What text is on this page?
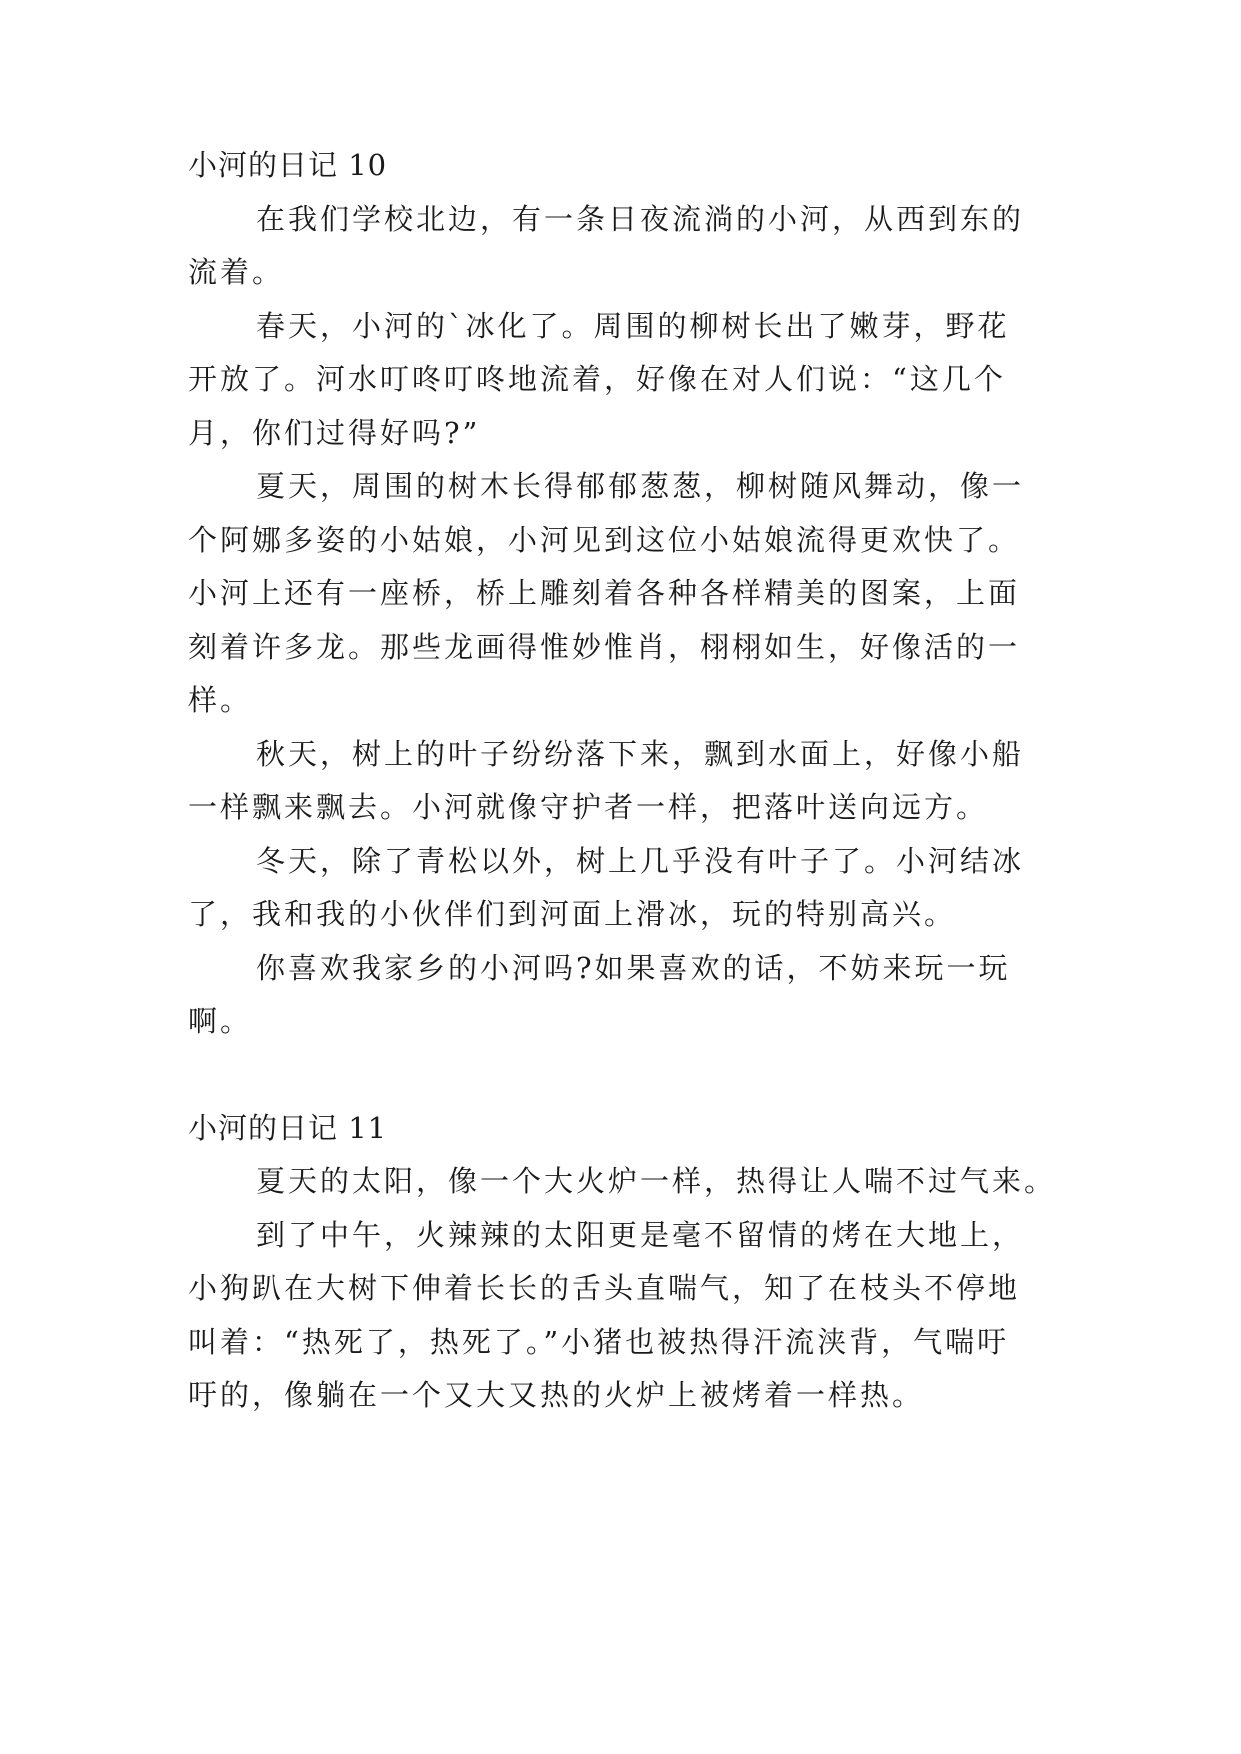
小河的日记 10

在我们学校北边，有一条日夜流淌的小河，从西到东的

流着。

春天，小河的`冰化了。周围的柳树长出了嫩芽，野花

开放了。河水叮咚叮咚地流着，好像在对人们说：“这几个

月，你们过得好吗?”

夏天，周围的树木长得郁郁葱葱，柳树随风舞动，像一

个阿娜多姿的小姑娘，小河见到这位小姑娘流得更欢快了。

小河上还有一座桥，桥上雕刻着各种各样精美的图案，上面

刻着许多龙。那些龙画得惟妙惟肖，栩栩如生，好像活的一

样。

秋天，树上的叶子纷纷落下来，飘到水面上，好像小船

一样飘来飘去。小河就像守护者一样，把落叶送向远方。

冬天，除了青松以外，树上几乎没有叶子了。小河结冰

了，我和我的小伙伴们到河面上滑冰，玩的特别高兴。

你喜欢我家乡的小河吗?如果喜欢的话，不妨来玩一玩

啊。

小河的日记 11

夏天的太阳，像一个大火炉一样，热得让人喘不过气来。

到了中午，火辣辣的太阳更是毫不留情的烤在大地上，

小狗趴在大树下伸着长长的舌头直喘气，知了在枝头不停地

叫着：“热死了，热死了。”小猪也被热得汗流浃背，气喘吁

吁的，像躺在一个又大又热的火炉上被烤着一样热。
